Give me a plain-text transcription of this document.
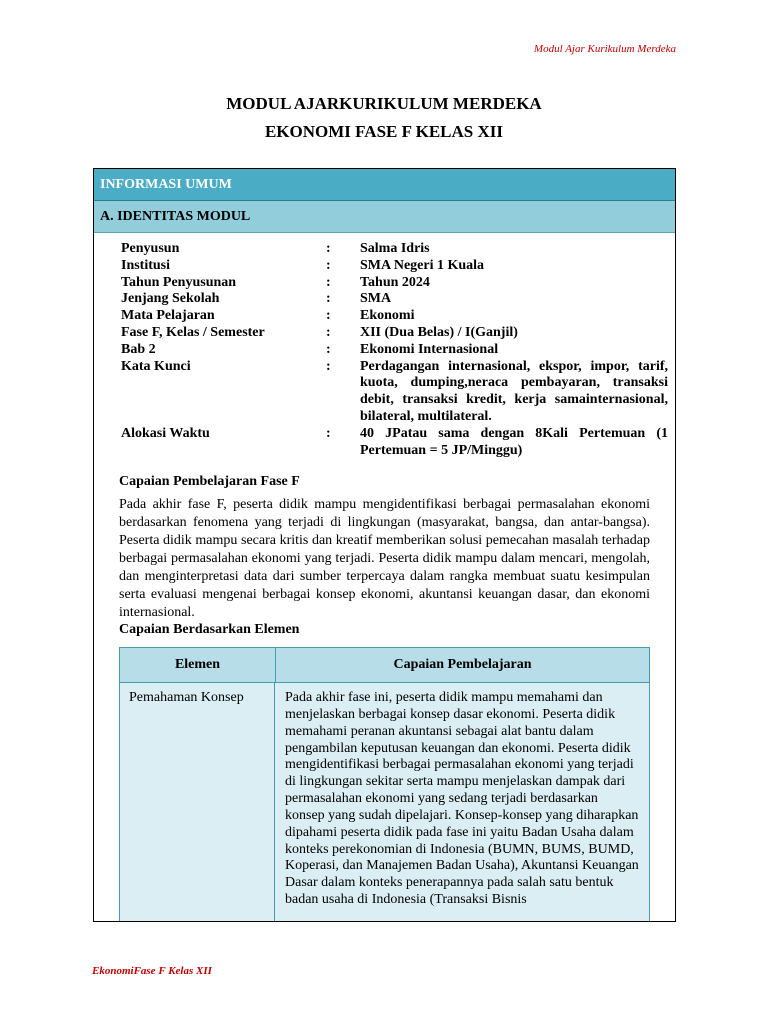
Modul Ajar Kurikulum Merdeka
MODUL AJARKURIKULUM MERDEKA
EKONOMI FASE F KELAS XII
INFORMASI UMUM
A. IDENTITAS MODUL
Penyusun	:	Salma Idris
Institusi	:	SMA Negeri 1 Kuala
Tahun Penyusunan	:	Tahun 2024
Jenjang Sekolah	:	SMA
Mata Pelajaran	:	Ekonomi
Fase F, Kelas / Semester	:	XII (Dua Belas) / I(Ganjil)
Bab 2	:	Ekonomi Internasional
Kata Kunci	:	Perdagangan internasional, ekspor, impor, tarif, kuota, dumping,neraca pembayaran, transaksi debit, transaksi kredit, kerja samainternasional, bilateral, multilateral.
Alokasi Waktu	:	40 JPatau sama dengan 8Kali Pertemuan (1 Pertemuan = 5 JP/Minggu)
Capaian Pembelajaran Fase F

Pada akhir fase F, peserta didik mampu mengidentifikasi berbagai permasalahan ekonomi berdasarkan fenomena yang terjadi di lingkungan (masyarakat, bangsa, dan antar-bangsa). Peserta didik mampu secara kritis dan kreatif memberikan solusi pemecahan masalah terhadap berbagai permasalahan ekonomi yang terjadi. Peserta didik mampu dalam mencari, mengolah, dan menginterpretasi data dari sumber terpercaya dalam rangka membuat suatu kesimpulan serta evaluasi mengenai berbagai konsep ekonomi, akuntansi keuangan dasar, dan ekonomi internasional.

Capaian Berdasarkan Elemen
Elemen	Capaian Pembelajaran
Pemahaman Konsep	Pada akhir fase ini, peserta didik mampu memahami dan menjelaskan berbagai konsep dasar ekonomi. Peserta didik memahami peranan akuntansi sebagai alat bantu dalam pengambilan keputusan keuangan dan ekonomi. Peserta didik mengidentifikasi berbagai permasalahan ekonomi yang terjadi di lingkungan sekitar serta mampu menjelaskan dampak dari permasalahan ekonomi yang sedang terjadi berdasarkan konsep yang sudah dipelajari. Konsep-konsep yang diharapkan dipahami peserta didik pada fase ini yaitu Badan Usaha dalam konteks perekonomian di Indonesia (BUMN, BUMS, BUMD, Koperasi, dan Manajemen Badan Usaha), Akuntansi Keuangan Dasar dalam konteks penerapannya pada salah satu bentuk badan usaha di Indonesia (Transaksi Bisnis
EkonomiFase F Kelas XII
